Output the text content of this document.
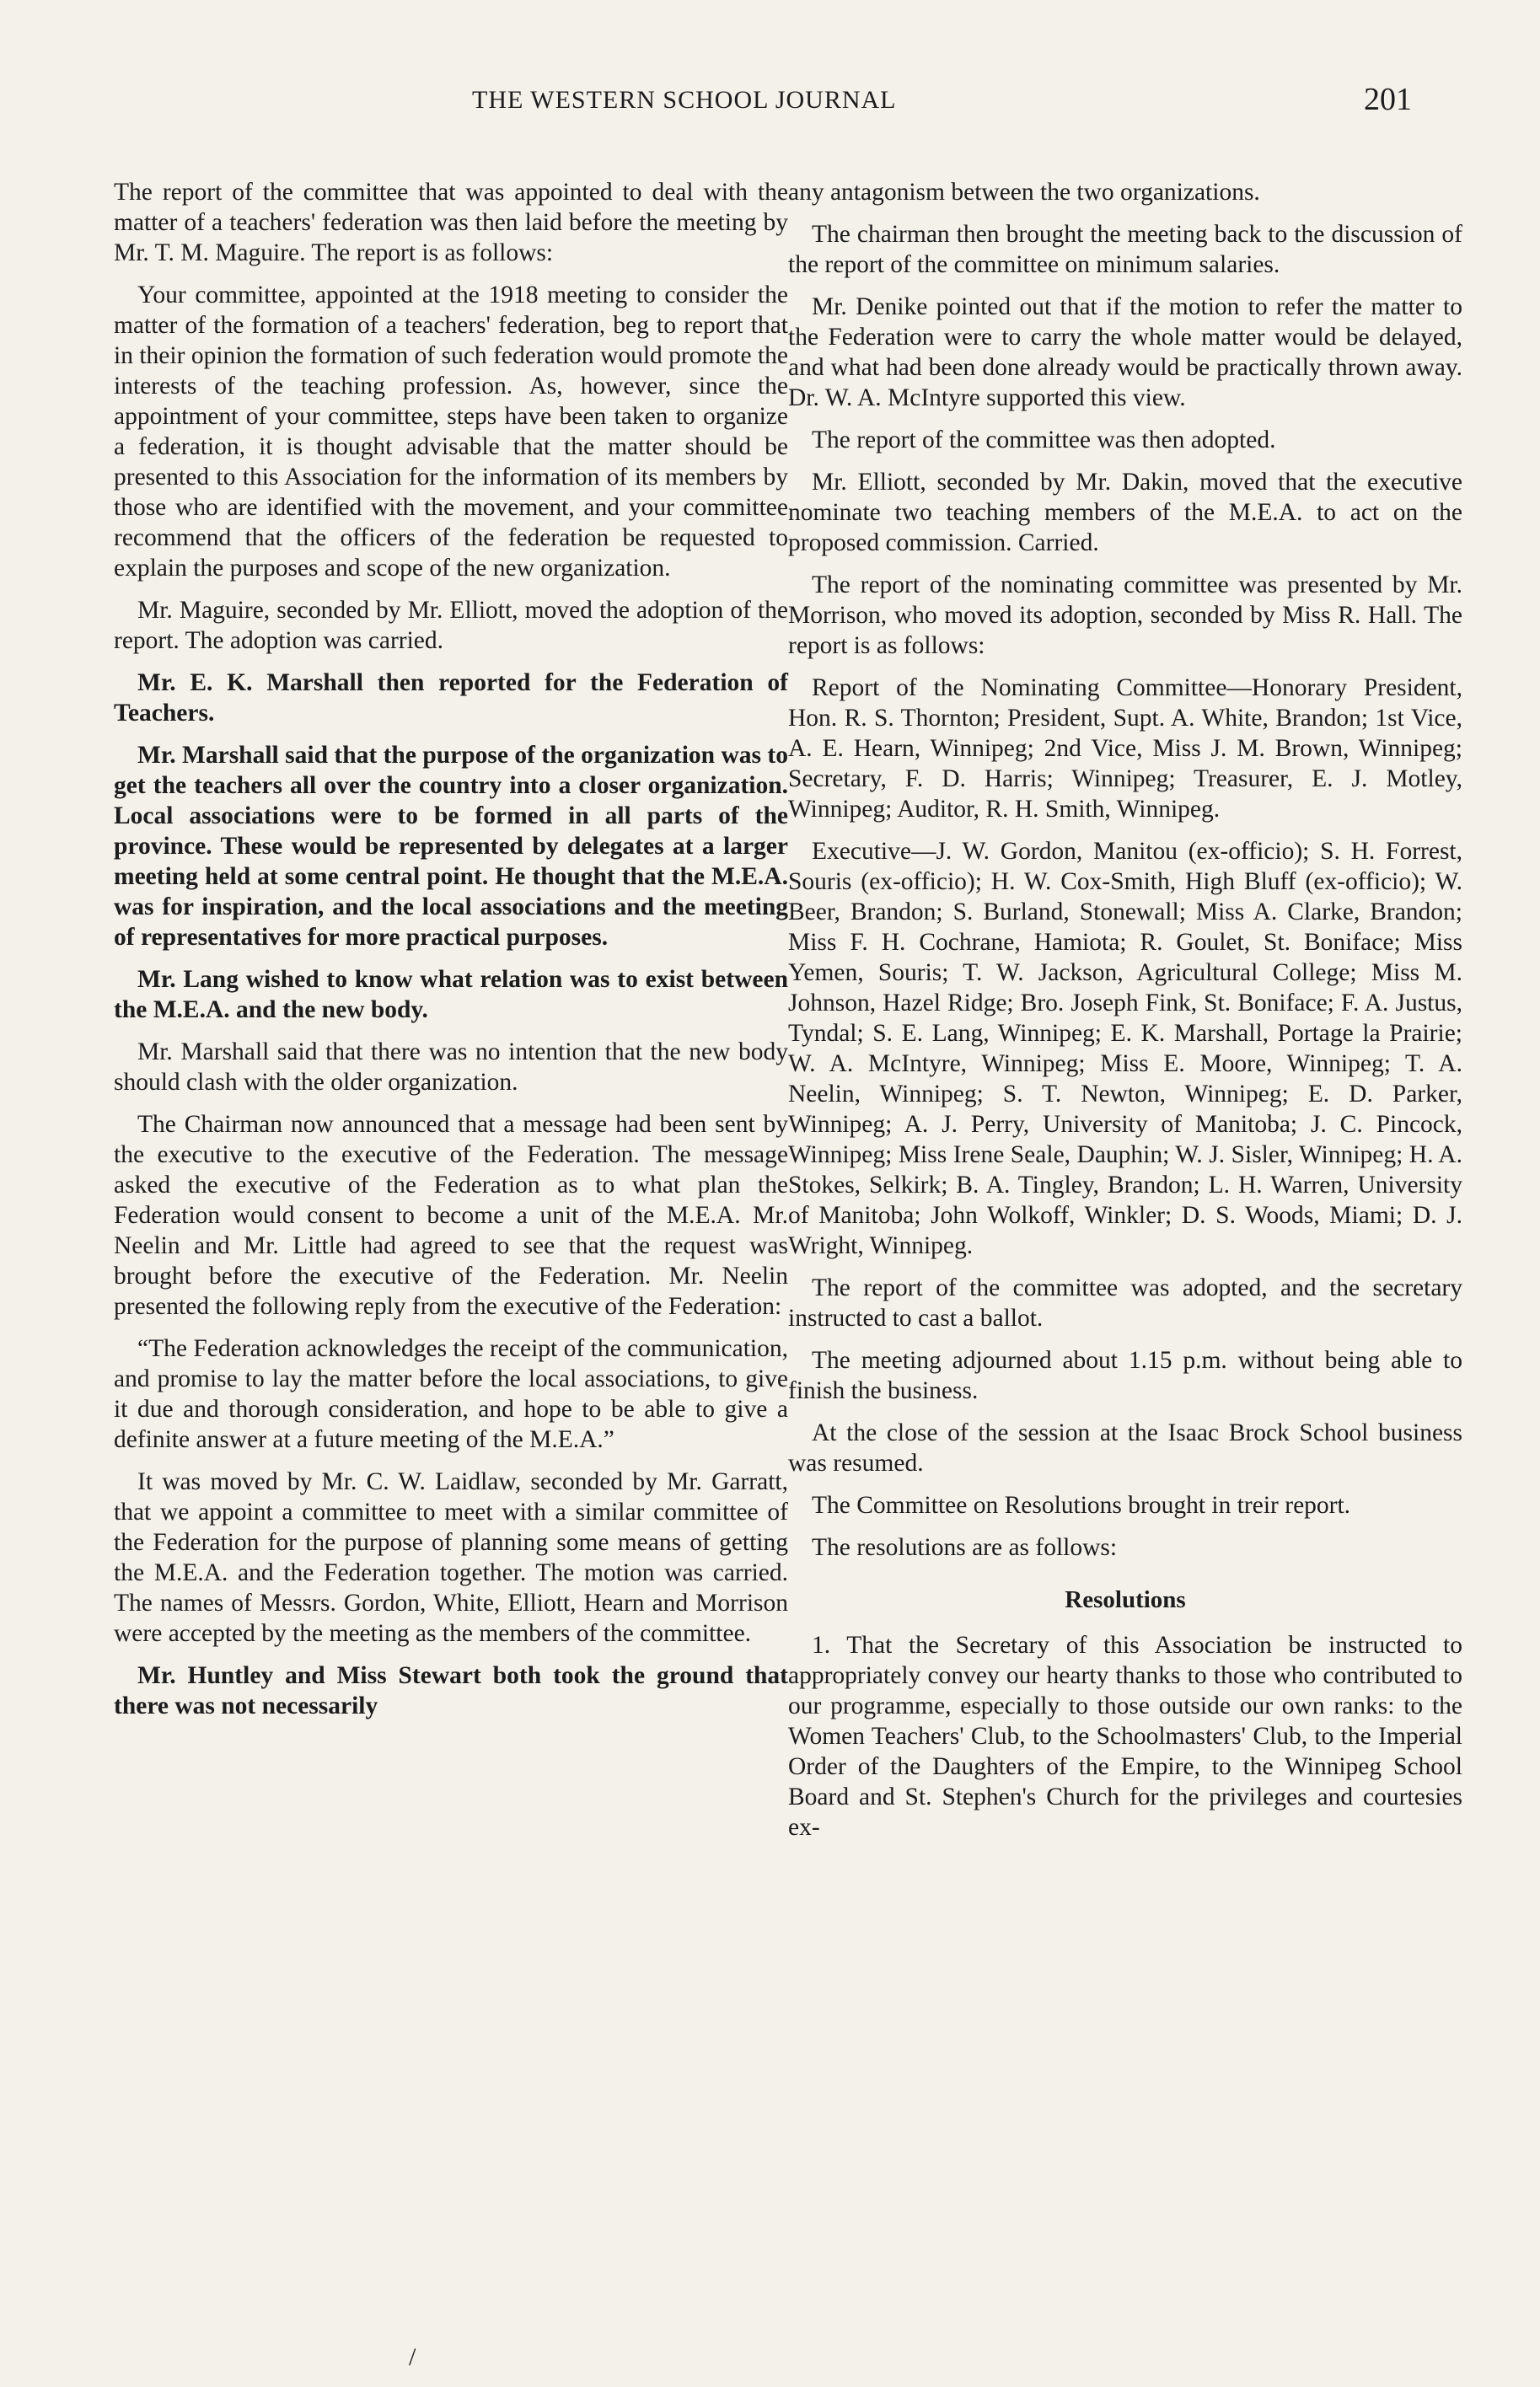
THE WESTERN SCHOOL JOURNAL	201

The report of the committee that was appointed to deal with the matter of a teachers' federation was then laid before the meeting by Mr. T. M. Maguire. The report is as follows:

Your committee, appointed at the 1918 meeting to consider the matter of the formation of a teachers' federation, beg to report that in their opinion the formation of such federation would promote the interests of the teaching profession. As, however, since the appointment of your committee, steps have been taken to organize a federation, it is thought advisable that the matter should be presented to this Association for the information of its members by those who are identified with the movement, and your committee recommend that the officers of the federation be requested to explain the purposes and scope of the new organization.

Mr. Maguire, seconded by Mr. Elliott, moved the adoption of the report. The adoption was carried.

Mr. E. K. Marshall then reported for the Federation of Teachers.

Mr. Marshall said that the purpose of the organization was to get the teachers all over the country into a closer organization. Local associations were to be formed in all parts of the province. These would be represented by delegates at a larger meeting held at some central point. He thought that the M.E.A. was for inspiration, and the local associations and the meeting of representatives for more practical purposes.

Mr. Lang wished to know what relation was to exist between the M.E.A. and the new body.

Mr. Marshall said that there was no intention that the new body should clash with the older organization.

The Chairman now announced that a message had been sent by the executive to the executive of the Federation. The message asked the executive of the Federation as to what plan the Federation would consent to become a unit of the M.E.A. Mr. Neelin and Mr. Little had agreed to see that the request was brought before the executive of the Federation. Mr. Neelin presented the following reply from the executive of the Federation:

“The Federation acknowledges the receipt of the communication, and promise to lay the matter before the local associations, to give it due and thorough consideration, and hope to be able to give a definite answer at a future meeting of the M.E.A.”

It was moved by Mr. C. W. Laidlaw, seconded by Mr. Garratt, that we appoint a committee to meet with a similar committee of the Federation for the purpose of planning some means of getting the M.E.A. and the Federation together. The motion was carried. The names of Messrs. Gordon, White, Elliott, Hearn and Morrison were accepted by the meeting as the members of the committee.

Mr. Huntley and Miss Stewart both took the ground that there was not necessarily

any antagonism between the two organizations.

The chairman then brought the meeting back to the discussion of the report of the committee on minimum salaries.

Mr. Denike pointed out that if the motion to refer the matter to the Federation were to carry the whole matter would be delayed, and what had been done already would be practically thrown away. Dr. W. A. McIntyre supported this view.

The report of the committee was then adopted.

Mr. Elliott, seconded by Mr. Dakin, moved that the executive nominate two teaching members of the M.E.A. to act on the proposed commission. Carried.

The report of the nominating committee was presented by Mr. Morrison, who moved its adoption, seconded by Miss R. Hall. The report is as follows:

Report of the Nominating Committee—Honorary President, Hon. R. S. Thornton; President, Supt. A. White, Brandon; 1st Vice, A. E. Hearn, Winnipeg; 2nd Vice, Miss J. M. Brown, Winnipeg; Secretary, F. D. Harris; Winnipeg; Treasurer, E. J. Motley, Winnipeg; Auditor, R. H. Smith, Winnipeg.

Executive—J. W. Gordon, Manitou (ex-officio); S. H. Forrest, Souris (ex-officio); H. W. Cox-Smith, High Bluff (ex-officio); W. Beer, Brandon; S. Burland, Stonewall; Miss A. Clarke, Brandon; Miss F. H. Cochrane, Hamiota; R. Goulet, St. Boniface; Miss Yemen, Souris; T. W. Jackson, Agricultural College; Miss M. Johnson, Hazel Ridge; Bro. Joseph Fink, St. Boniface; F. A. Justus, Tyndal; S. E. Lang, Winnipeg; E. K. Marshall, Portage la Prairie; W. A. McIntyre, Winnipeg; Miss E. Moore, Winnipeg; T. A. Neelin, Winnipeg; S. T. Newton, Winnipeg; E. D. Parker, Winnipeg; A. J. Perry, University of Manitoba; J. C. Pincock, Winnipeg; Miss Irene Seale, Dauphin; W. J. Sisler, Winnipeg; H. A. Stokes, Selkirk; B. A. Tingley, Brandon; L. H. Warren, University of Manitoba; John Wolkoff, Winkler; D. S. Woods, Miami; D. J. Wright, Winnipeg.

The report of the committee was adopted, and the secretary instructed to cast a ballot.

The meeting adjourned about 1.15 p.m. without being able to finish the business.

At the close of the session at the Isaac Brock School business was resumed.

The Committee on Resolutions brought in treir report.

The resolutions are as follows:

Resolutions

1. That the Secretary of this Association be instructed to appropriately convey our hearty thanks to those who contributed to our programme, especially to those outside our own ranks: to the Women Teachers' Club, to the Schoolmasters' Club, to the Imperial Order of the Daughters of the Empire, to the Winnipeg School Board and St. Stephen's Church for the privileges and courtesies ex-

/
